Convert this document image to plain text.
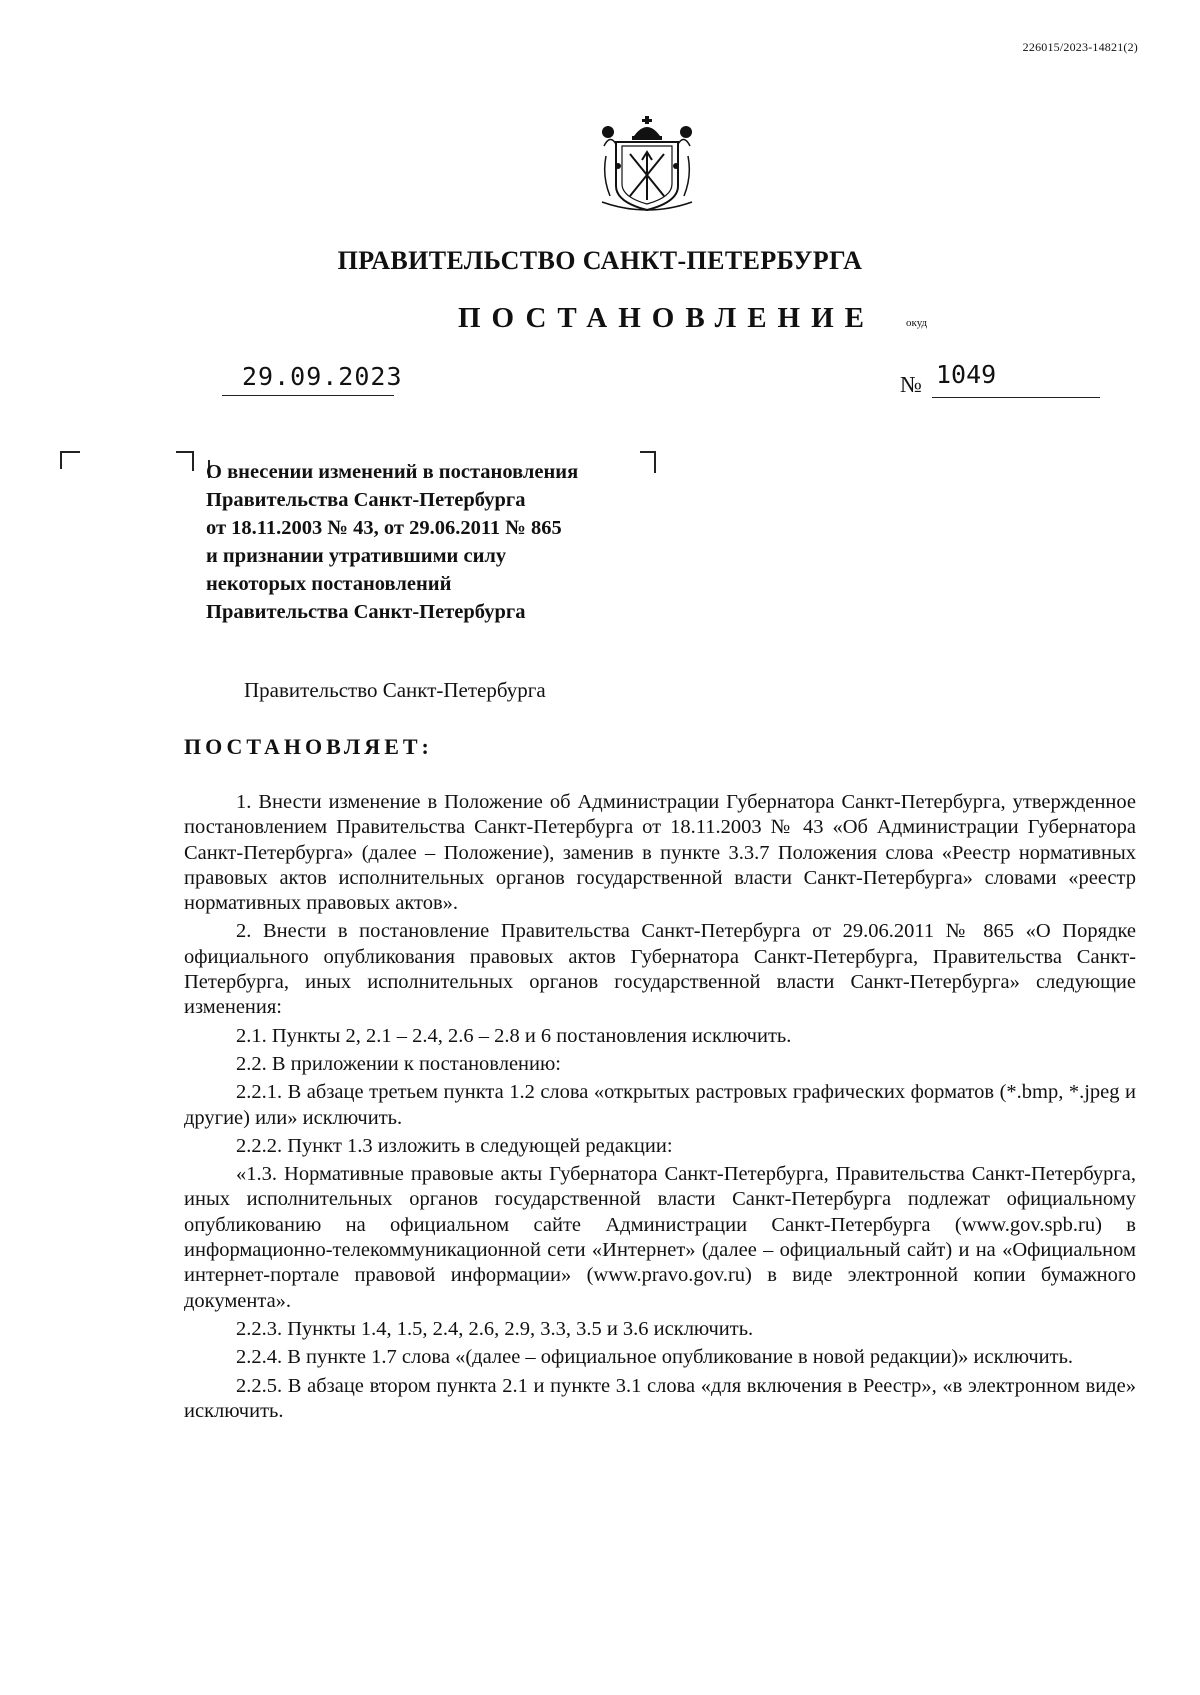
226015/2023-14821(2)
ПРАВИТЕЛЬСТВО САНКТ-ПЕТЕРБУРГА
ПОСТАНОВЛЕНИЕ	окуд
29.09.2023	№ 1049
О внесении изменений в постановления
Правительства Санкт-Петербурга
от 18.11.2003 № 43, от 29.06.2011 № 865
и признании утратившими силу
некоторых постановлений
Правительства Санкт-Петербурга
Правительство Санкт-Петербурга
ПОСТАНОВЛЯЕТ:

1. Внести изменение в Положение об Администрации Губернатора Санкт-Петербурга, утвержденное постановлением Правительства Санкт-Петербурга от 18.11.2003 № 43 «Об Администрации Губернатора Санкт-Петербурга» (далее – Положение), заменив в пункте 3.3.7 Положения слова «Реестр нормативных правовых актов исполнительных органов государственной власти Санкт-Петербурга» словами «реестр нормативных правовых актов».

2. Внести в постановление Правительства Санкт-Петербурга от 29.06.2011 № 865 «О Порядке официального опубликования правовых актов Губернатора Санкт-Петербурга, Правительства Санкт-Петербурга, иных исполнительных органов государственной власти Санкт-Петербурга» следующие изменения:

2.1. Пункты 2, 2.1 – 2.4, 2.6 – 2.8 и 6 постановления исключить.

2.2. В приложении к постановлению:

2.2.1. В абзаце третьем пункта 1.2 слова «открытых растровых графических форматов (*.bmp, *.jpeg и другие) или» исключить.

2.2.2. Пункт 1.3 изложить в следующей редакции:

«1.3. Нормативные правовые акты Губернатора Санкт-Петербурга, Правительства Санкт-Петербурга, иных исполнительных органов государственной власти Санкт-Петербурга подлежат официальному опубликованию на официальном сайте Администрации Санкт-Петербурга (www.gov.spb.ru) в информационно-телекоммуникационной сети «Интернет» (далее – официальный сайт) и на «Официальном интернет-портале правовой информации» (www.pravo.gov.ru) в виде электронной копии бумажного документа».

2.2.3. Пункты 1.4, 1.5, 2.4, 2.6, 2.9, 3.3, 3.5 и 3.6 исключить.

2.2.4. В пункте 1.7 слова «(далее – официальное опубликование в новой редакции)» исключить.

2.2.5. В абзаце втором пункта 2.1 и пункте 3.1 слова «для включения в Реестр», «в электронном виде» исключить.
